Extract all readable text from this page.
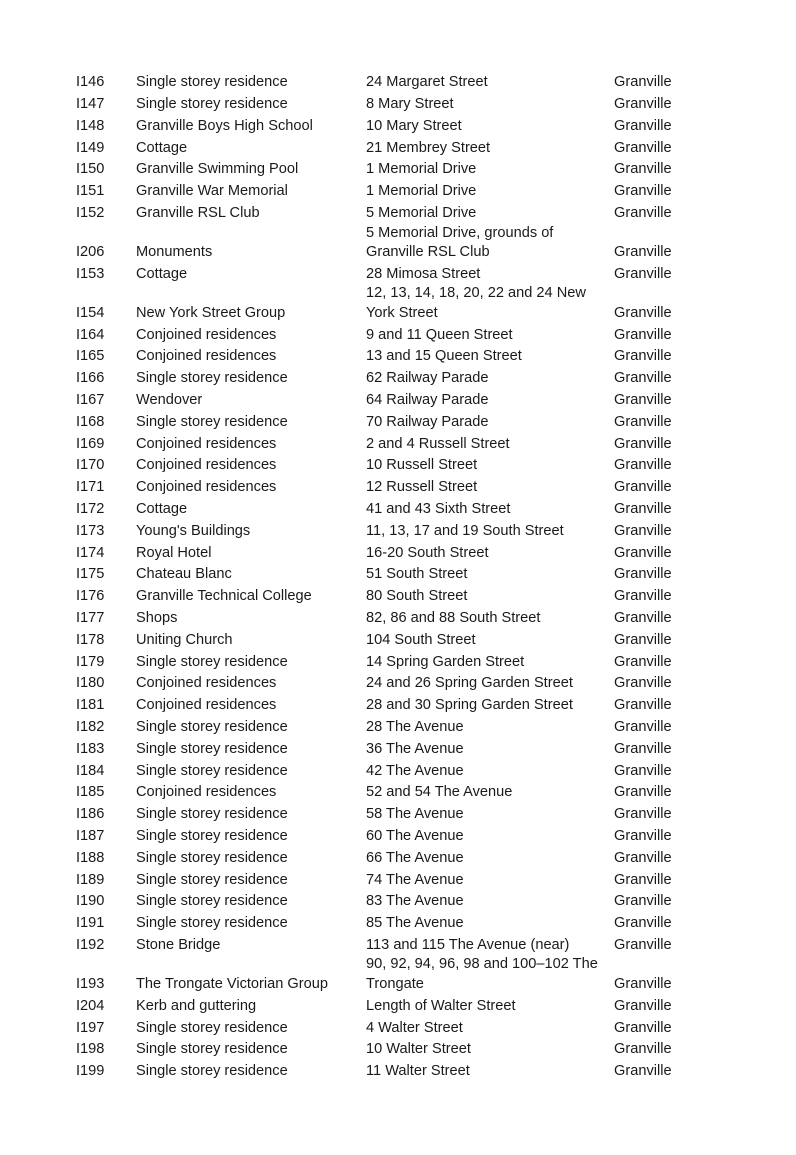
I146	Single storey residence	24 Margaret Street	Granville
I147	Single storey residence	8 Mary Street	Granville
I148	Granville Boys High School	10 Mary Street	Granville
I149	Cottage	21 Membrey Street	Granville
I150	Granville Swimming Pool	1 Memorial Drive	Granville
I151	Granville War Memorial	1 Memorial Drive	Granville
I152	Granville RSL Club	5 Memorial Drive	Granville
I206	Monuments	5 Memorial Drive, grounds of Granville RSL Club	Granville
I153	Cottage	28 Mimosa Street	Granville
I154	New York Street Group	12, 13, 14, 18, 20, 22 and 24 New York Street	Granville
I164	Conjoined residences	9 and 11 Queen Street	Granville
I165	Conjoined residences	13 and 15 Queen Street	Granville
I166	Single storey residence	62 Railway Parade	Granville
I167	Wendover	64 Railway Parade	Granville
I168	Single storey residence	70 Railway Parade	Granville
I169	Conjoined residences	2 and 4 Russell Street	Granville
I170	Conjoined residences	10 Russell Street	Granville
I171	Conjoined residences	12 Russell Street	Granville
I172	Cottage	41 and 43 Sixth Street	Granville
I173	Young's Buildings	11, 13, 17 and 19 South Street	Granville
I174	Royal Hotel	16-20 South Street	Granville
I175	Chateau Blanc	51 South Street	Granville
I176	Granville Technical College	80 South Street	Granville
I177	Shops	82, 86 and 88 South Street	Granville
I178	Uniting Church	104 South Street	Granville
I179	Single storey residence	14 Spring Garden Street	Granville
I180	Conjoined residences	24 and 26 Spring Garden Street	Granville
I181	Conjoined residences	28 and 30 Spring Garden Street	Granville
I182	Single storey residence	28 The Avenue	Granville
I183	Single storey residence	36 The Avenue	Granville
I184	Single storey residence	42 The Avenue	Granville
I185	Conjoined residences	52 and 54 The Avenue	Granville
I186	Single storey residence	58 The Avenue	Granville
I187	Single storey residence	60 The Avenue	Granville
I188	Single storey residence	66 The Avenue	Granville
I189	Single storey residence	74 The Avenue	Granville
I190	Single storey residence	83 The Avenue	Granville
I191	Single storey residence	85 The Avenue	Granville
I192	Stone Bridge	113 and 115 The Avenue (near)	Granville
I193	The Trongate Victorian Group	90, 92, 94, 96, 98 and 100–102 The Trongate	Granville
I204	Kerb and guttering	Length of Walter Street	Granville
I197	Single storey residence	4 Walter Street	Granville
I198	Single storey residence	10 Walter Street	Granville
I199	Single storey residence	11 Walter Street	Granville
